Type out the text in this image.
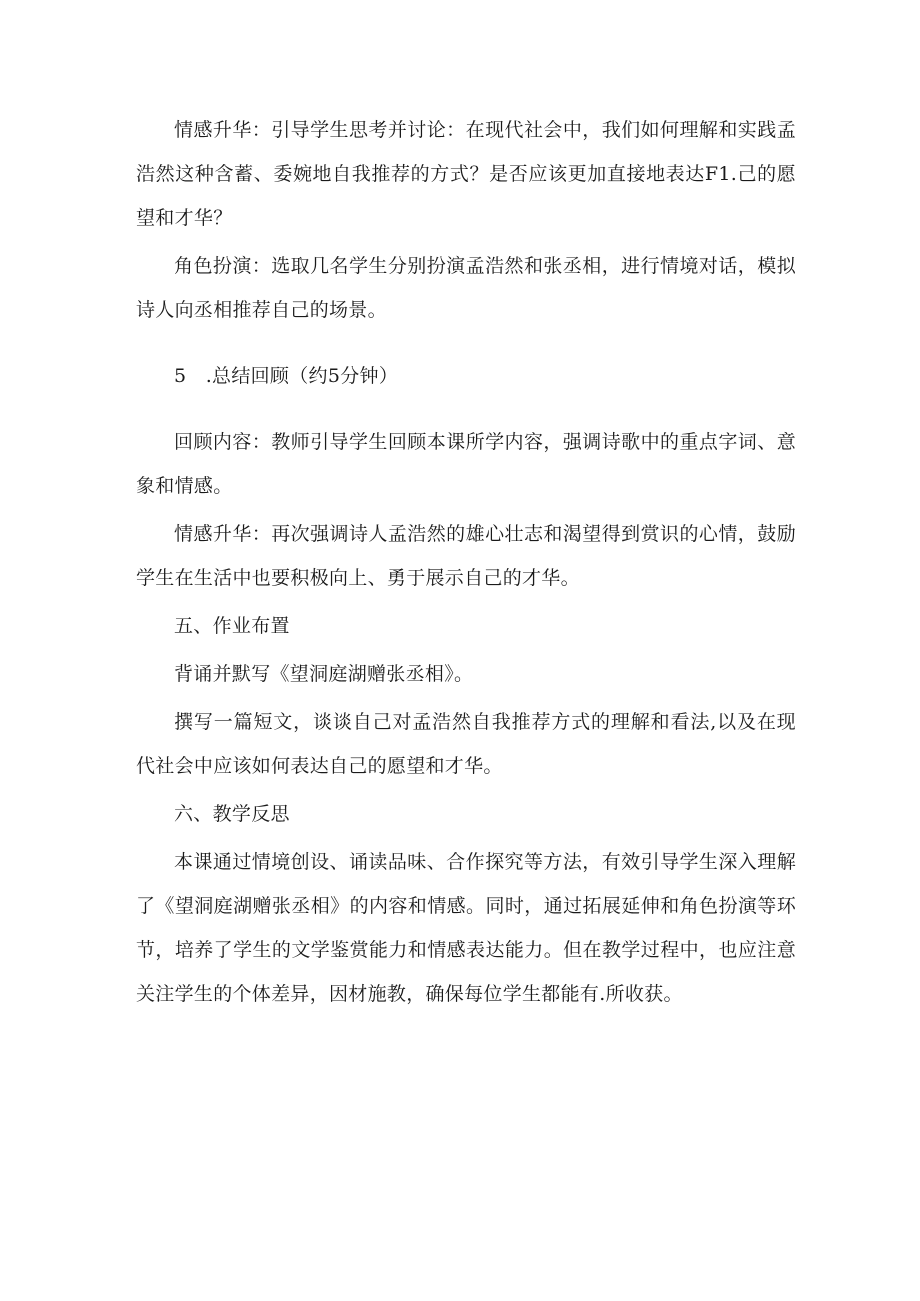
情感升华：引导学生思考并讨论：在现代社会中，我们如何理解和实践孟浩然这种含蓄、委婉地自我推荐的方式？是否应该更加直接地表达F1.己的愿望和才华？

角色扮演：选取几名学生分别扮演孟浩然和张丞相，进行情境对话，模拟诗人向丞相推荐自己的场景。

5　.总结回顾（约5分钟）

回顾内容：教师引导学生回顾本课所学内容，强调诗歌中的重点字词、意象和情感。

情感升华：再次强调诗人孟浩然的雄心壮志和渴望得到赏识的心情，鼓励学生在生活中也要积极向上、勇于展示自己的才华。

五、作业布置

背诵并默写《望洞庭湖赠张丞相》。

撰写一篇短文，谈谈自己对孟浩然自我推荐方式的理解和看法,以及在现代社会中应该如何表达自己的愿望和才华。

六、教学反思

本课通过情境创设、诵读品味、合作探究等方法，有效引导学生深入理解了《望洞庭湖赠张丞相》的内容和情感。同时，通过拓展延伸和角色扮演等环节，培养了学生的文学鉴赏能力和情感表达能力。但在教学过程中，也应注意关注学生的个体差异，因材施教，确保每位学生都能有.所收获。
